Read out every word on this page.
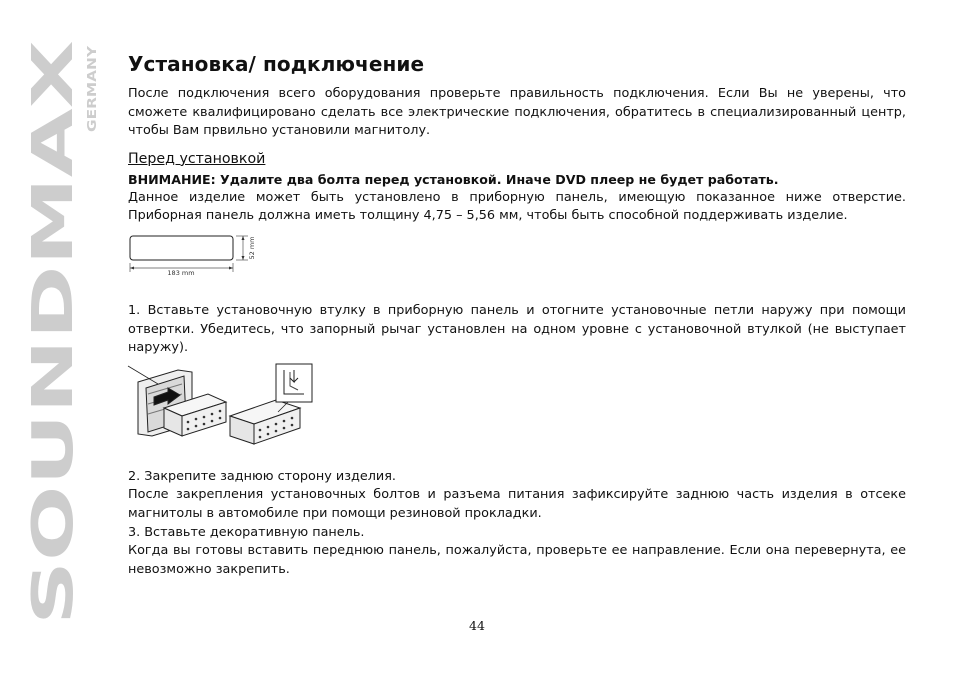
SOUNDMAX
GERMANY
Установка/ подключение

После подключения всего оборудования проверьте правильность подключения. Если Вы не уверены, что сможете квалифицировано сделать все электрические подключения, обратитесь в специализированный центр, чтобы Вам првильно установили магнитолу.

Перед установкой

ВНИМАНИЕ: Удалите два болта перед установкой. Иначе DVD плеер не будет работать.

Данное изделие может быть установлено в приборную панель, имеющую показанное ниже отверстие. Приборная панель должна иметь толщину 4,75 – 5,56 мм, чтобы быть способной поддерживать изделие.

183 mm
52 mm

1. Вставьте установочную втулку в приборную панель и отогните установочные петли наружу при помощи отвертки. Убедитесь, что запорный рычаг установлен на одном уровне с установочной втулкой (не выступает наружу).

2. Закрепите заднюю сторону изделия.

После закрепления установочных болтов и разъема питания зафиксируйте заднюю часть изделия в отсеке магнитолы в автомобиле при помощи резиновой прокладки.

3. Вставьте декоративную панель.

Когда вы готовы вставить переднюю панель, пожалуйста, проверьте ее направление. Если она перевернута, ее невозможно закрепить.

44
